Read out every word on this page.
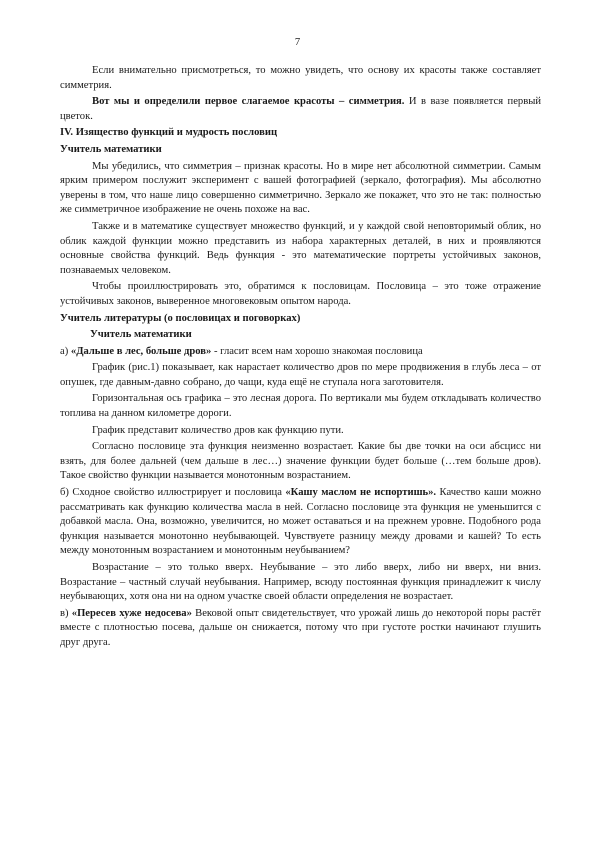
7

Если внимательно присмотреться, то можно увидеть, что основу их красоты также составляет симметрия.

Вот мы и определили первое слагаемое красоты – симметрия. И в вазе появляется первый цветок.

IV. Изящество функций и мудрость пословиц

Учитель математики

Мы убедились, что симметрия – признак красоты. Но в мире нет абсолютной симметрии. Самым ярким примером послужит эксперимент с вашей фотографией (зеркало, фотография). Мы абсолютно уверены в том, что наше лицо совершенно симметрично. Зеркало же покажет, что это не так: полностью же симметричное изображение не очень похоже на вас.

Также и в математике существует множество функций, и у каждой свой неповторимый облик, но облик каждой функции можно представить из набора характерных деталей, в них и проявляются основные свойства функций. Ведь функция - это математические портреты устойчивых законов, познаваемых человеком.

Чтобы проиллюстрировать это, обратимся к пословицам. Пословица – это тоже отражение устойчивых законов, выверенное многовековым опытом народа.

Учитель литературы (о пословицах и поговорках)

Учитель математики

а) «Дальше в лес, больше дров» - гласит всем нам хорошо знакомая пословица

График (рис.1) показывает, как нарастает количество дров по мере продвижения в глубь леса – от опушек, где давным-давно собрано, до чащи, куда ещё не ступала нога заготовителя.

Горизонтальная ось графика – это лесная дорога. По вертикали мы будем откладывать количество топлива на данном километре дороги.

График представит количество дров как функцию пути.

Согласно пословице эта функция неизменно возрастает. Какие бы две точки на оси абсцисс ни взять, для более дальней (чем дальше в лес…) значение функции будет больше (…тем больше дров). Такое свойство функции называется монотонным возрастанием.

б) Сходное свойство иллюстрирует и пословица «Кашу маслом не испортишь». Качество каши можно рассматривать как функцию количества масла в ней. Согласно пословице эта функция не уменьшится с добавкой масла. Она, возможно, увеличится, но может оставаться и на прежнем уровне. Подобного рода функция называется монотонно неубывающей. Чувствуете разницу между дровами и кашей? То есть между монотонным возрастанием и монотонным неубыванием?

Возрастание – это только вверх. Неубывание – это либо вверх, либо ни вверх, ни вниз. Возрастание – частный случай неубывания. Например, всюду постоянная функция принадлежит к числу неубывающих, хотя она ни на одном участке своей области определения не возрастает.

в) «Пересев хуже недосева» Вековой опыт свидетельствует, что урожай лишь до некоторой поры растёт вместе с плотностью посева, дальше он снижается, потому что при густоте ростки начинают глушить друг друга.
